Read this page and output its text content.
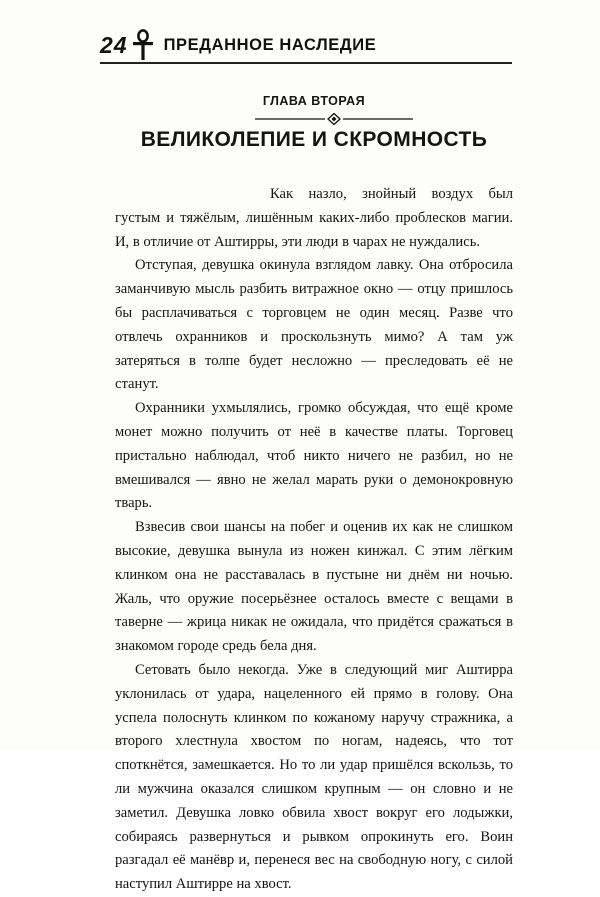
24 ПРЕДАННОЕ НАСЛЕДИЕ
ГЛАВА ВТОРАЯ
ВЕЛИКОЛЕПИЕ И СКРОМНОСТЬ

Как назло, знойный воздух был густым и тяжёлым, лишённым каких-либо проблесков магии. И, в отличие от Аштирры, эти люди в чарах не нуждались.

Отступая, девушка окинула взглядом лавку. Она отбросила заманчивую мысль разбить витражное окно — отцу пришлось бы расплачиваться с торговцем не один месяц. Разве что отвлечь охранников и проскользнуть мимо? А там уж затеряться в толпе будет несложно — преследовать её не станут.

Охранники ухмылялись, громко обсуждая, что ещё кроме монет можно получить от неё в качестве платы. Торговец пристально наблюдал, чтоб никто ничего не разбил, но не вмешивался — явно не желал марать руки о демонокровную тварь.

Взвесив свои шансы на побег и оценив их как не слишком высокие, девушка вынула из ножен кинжал. С этим лёгким клинком она не расставалась в пустыне ни днём ни ночью. Жаль, что оружие посерьёзнее осталось вместе с вещами в таверне — жрица никак не ожидала, что придётся сражаться в знакомом городе средь бела дня.

Сетовать было некогда. Уже в следующий миг Аштирра уклонилась от удара, нацеленного ей прямо в голову. Она успела полоснуть клинком по кожаному наручу стражника, а второго хлестнула хвостом по ногам, надеясь, что тот споткнётся, замешкается. Но то ли удар пришёлся вскользь, то ли мужчина оказался слишком крупным — он словно и не заметил. Девушка ловко обвила хвост вокруг его лодыжки, собираясь развернуться и рывком опрокинуть его. Воин разгадал её манёвр и, перенеся вес на свободную ногу, с силой наступил Аштирре на хвост.
